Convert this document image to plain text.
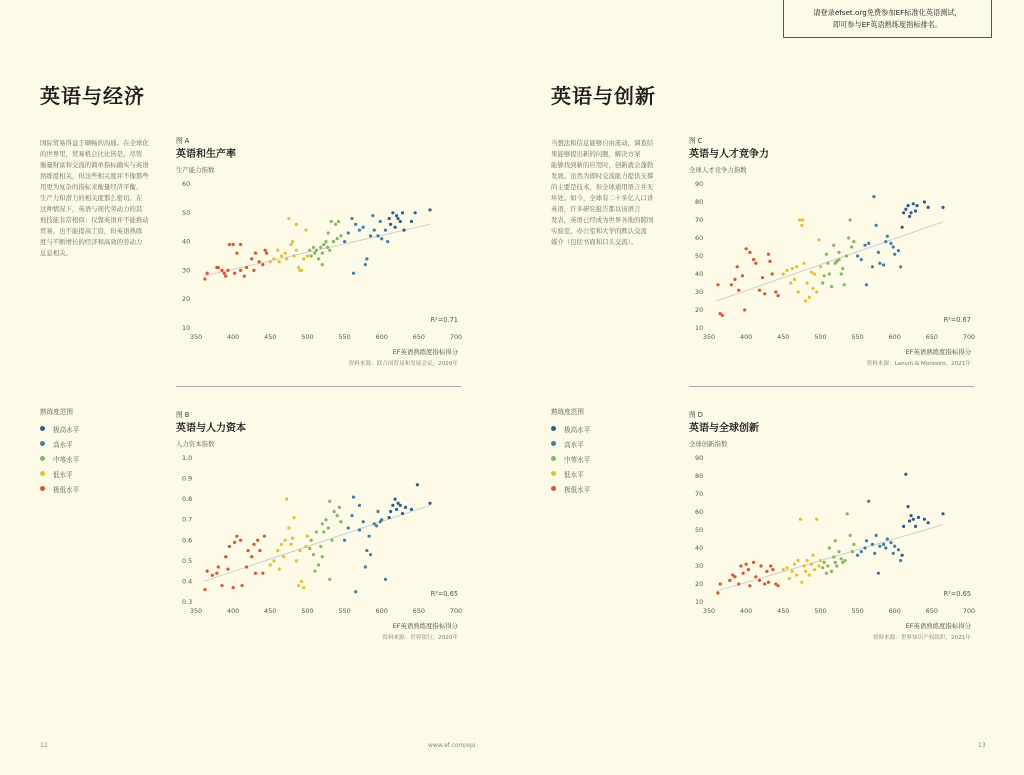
请登录efset.org免费参加EF标准化英语测试，
即可参与EF英语熟练度指标排名。
英语与经济
国际贸易得益于顺畅的沟通。在全球化
的世界里，贸易机会比比皆是。尽管
衡量财富和交流的简单指标确实与英语
熟练度相关，但这些相关度并不像那些
用更为复杂的指标来衡量经济平衡、
生产力和潜力的相关度那么密切。在
这种情况下，英语与现代劳动力的其
他技能非常相似：仅靠英语并不能推动
贸易，也不能提高工资，但英语熟练
度与不断增长的经济和高效的劳动力
息息相关。
熟练度范围
极高水平
高水平
中等水平
低水平
极低水平
英语与创新
当想法和信息能够自由流动，调查结
果能够提出新的问题，解决方案
能够找到新的应用时，创新就会蓬勃
发展。虽然为即时交流能力提供支撑
的主要是技术，但全球通用语言并无
坏处。如今，全球有二十多亿人口讲
英语，许多研究报告都以该语言
发表，英语已经成为世界各地的跨国
实验室、办公室和大学的默认交流
媒介（包括书面和口头交流）。
熟练度范围
极高水平
高水平
中等水平
低水平
极低水平
图 A
英语和生产率
生产能力指数
10
20
30
40
50
60
350	400	450	500	550	600	650	700
R²=0.71
EF英语熟练度指标得分
资料来源：联合国贸易和发展会议，2020年
图 B
英语与人力资本
人力资本指数
0.3
0.4
0.5
0.6
0.7
0.8
0.9
1.0
350	400	450	500	550	600	650	700
R²=0.65
EF英语熟练度指标得分
资料来源：世界银行，2020年
图 C
英语与人才竞争力
全球人才竞争力指数
10
20
30
40
50
60
70
80
90
350	400	450	500	550	600	650	700
R²=0.67
EF英语熟练度指标得分
资料来源：Lanvin & Monteiro，2021年
图 D
英语与全球创新
全球创新指数
10
20
30
40
50
60
70
80
90
350	400	450	500	550	600	650	700
R²=0.65
EF英语熟练度指标得分
资料来源：世界知识产权组织，2021年
12	www.ef.com/epi	13
